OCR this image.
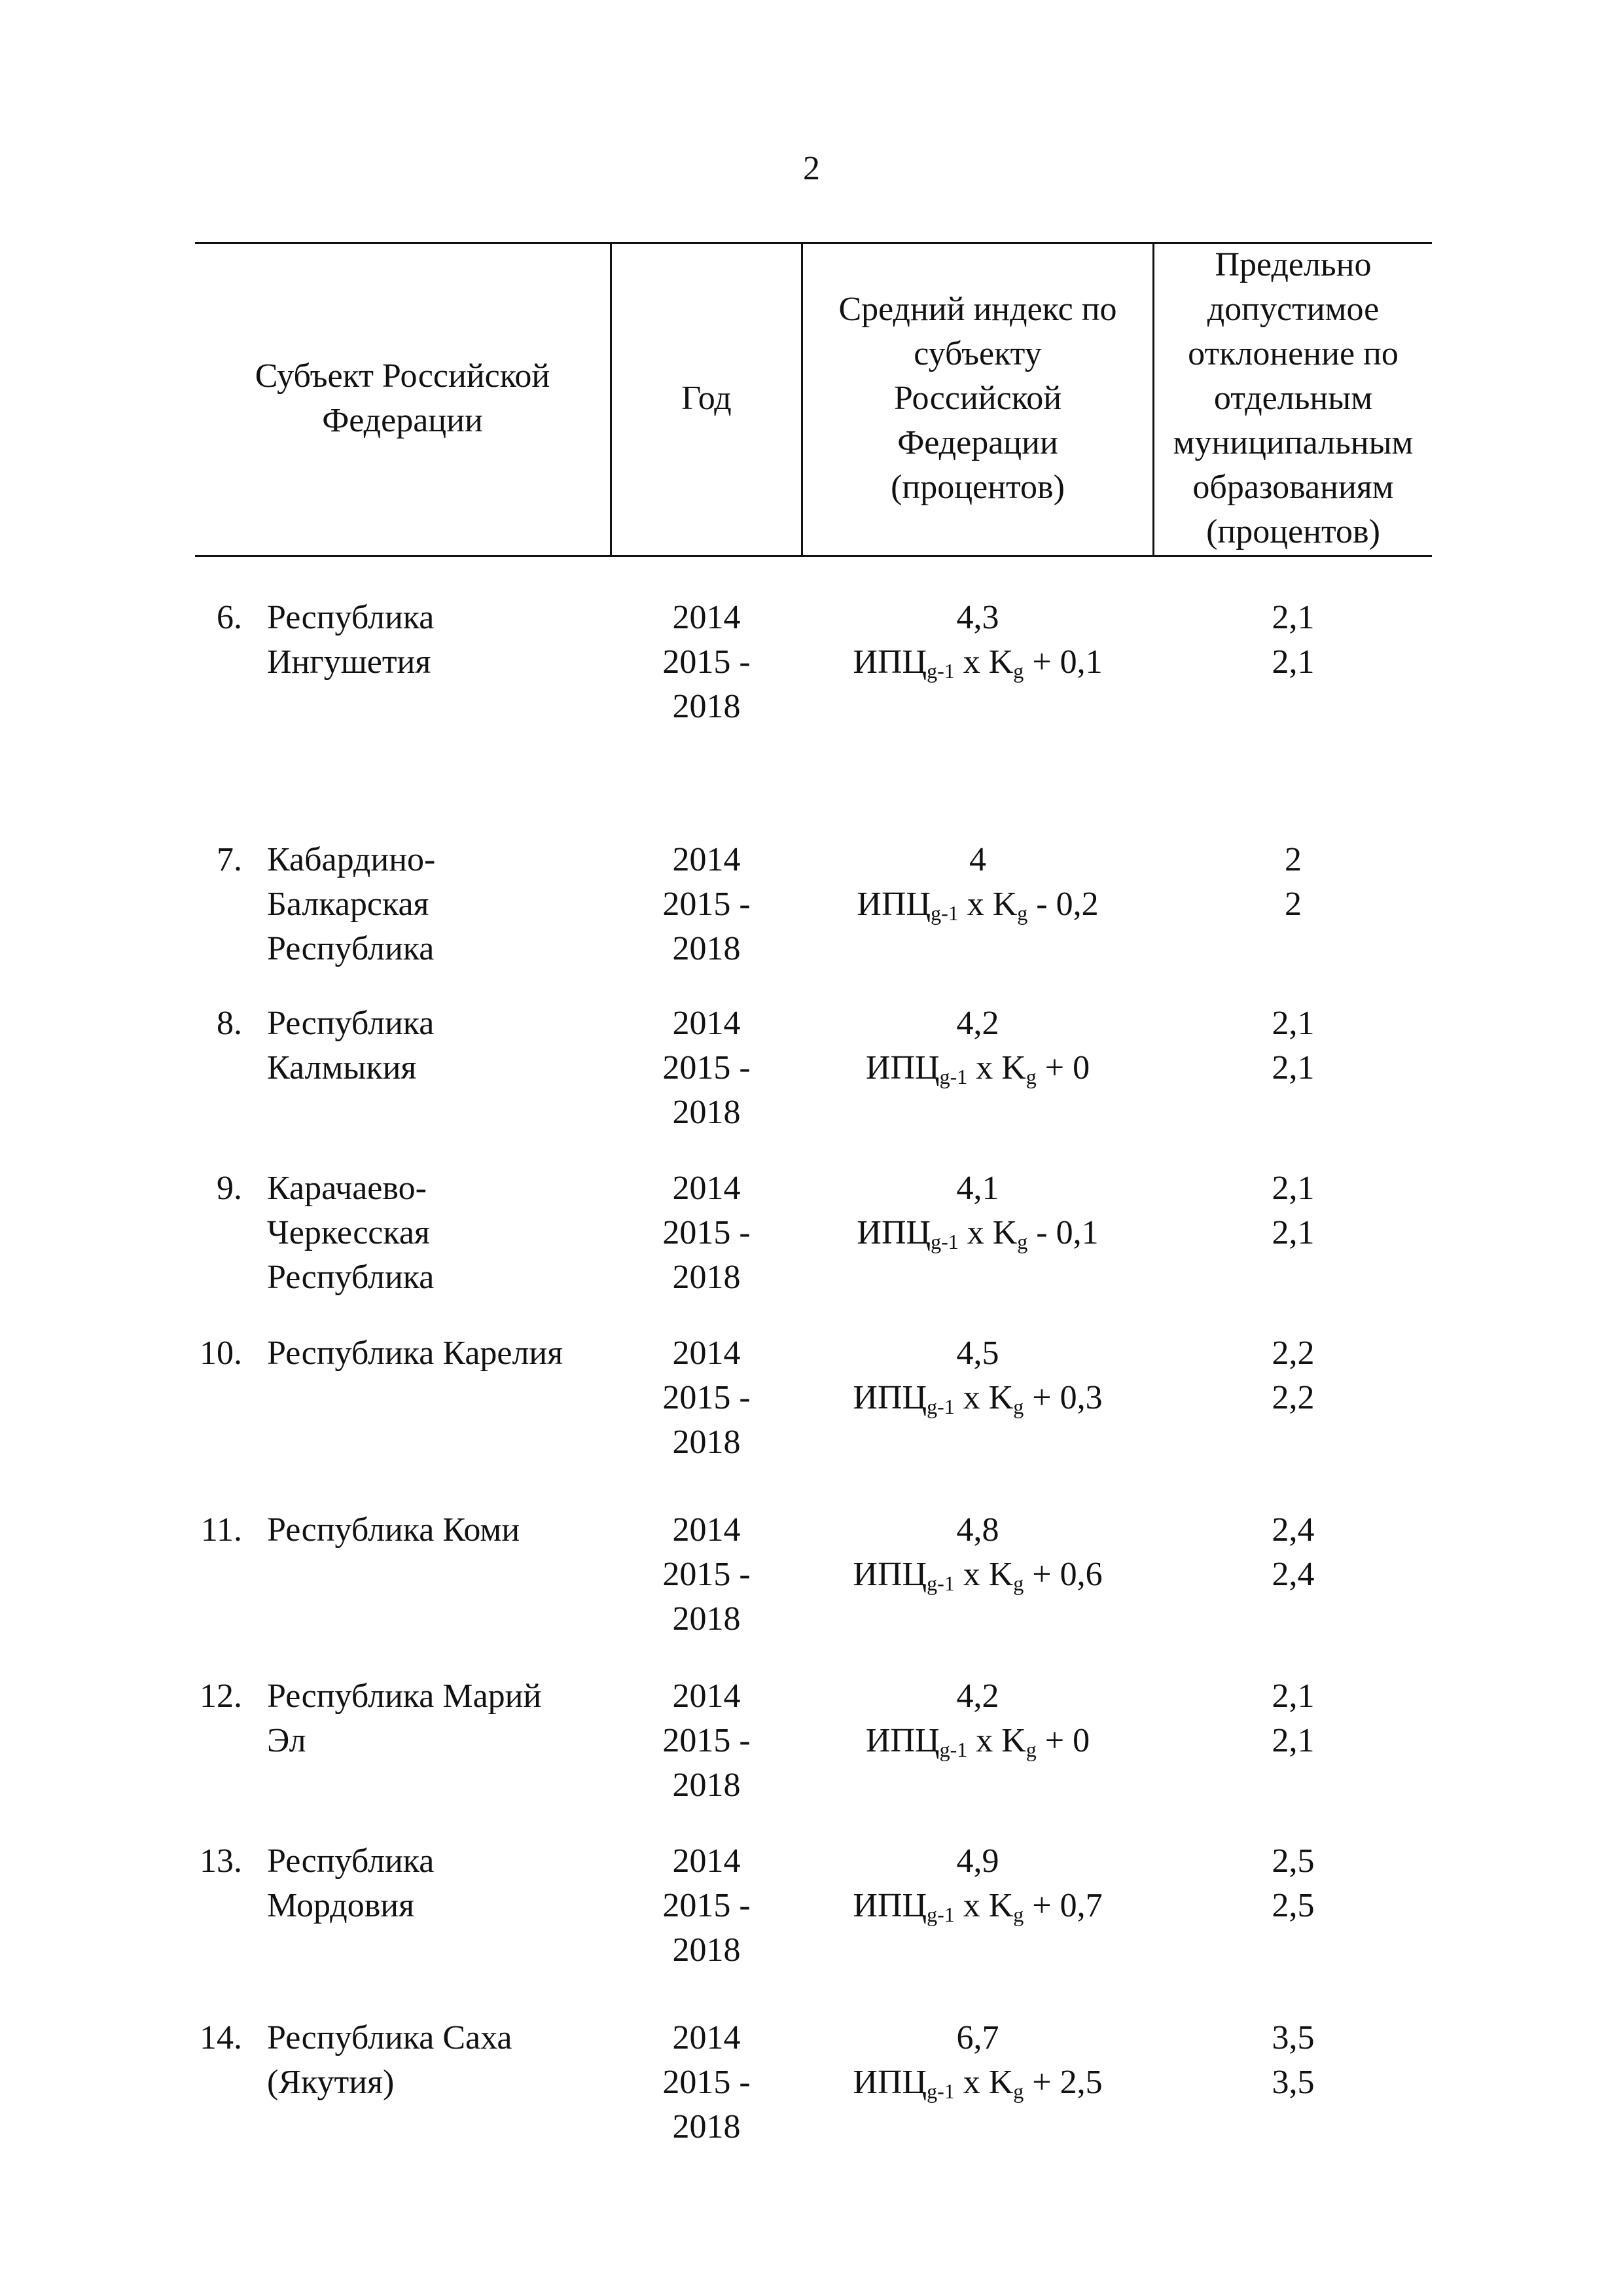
2
Субъект Российской
Федерации
Год
Средний индекс по
субъекту
Российской
Федерации
(процентов)
Предельно
допустимое
отклонение по
отдельным
муниципальным
образованиям
(процентов)
6. Республика
Ингушетия
2014
2015 -
2018
4,3
$ИПЦ_{g-1}$ x $K_g + 0,1$
2,1
2,1
7. Кабардино-
Балкарская
Республика
2014
2015 -
2018
4
$ИПЦ_{g-1}$ x $K_g - 0,2$
2
2
8. Республика
Калмыкия
2014
2015 -
2018
4,2
$ИПЦ_{g-1}$ x $K_g + 0$
2,1
2,1
9. Карачаево-
Черкесская
Республика
2014
2015 -
2018
4,1
$ИПЦ_{g-1}$ x $K_g - 0,1$
2,1
2,1
10. Республика Карелия	2014
2015 -
2018
4,5
$ИПЦ_{g-1}$ x $K_g + 0,3$
2,2
2,2
11. Республика Коми	2014
2015 -
2018
4,8
$ИПЦ_{g-1}$ x $K_g + 0,6$
2,4
2,4
12. Республика Марий
Эл
2014
2015 -
2018
4,2
$ИПЦ_{g-1}$ x $K_g + 0$
2,1
2,1
13. Республика
Мордовия
2014
2015 -
2018
4,9
$ИПЦ_{g-1}$ x $K_g + 0,7$
2,5
2,5
14. Республика Саха
(Якутия)
2014
2015 -
2018
6,7
$ИПЦ_{g-1}$ x $K_g + 2,5$
3,5
3,5
